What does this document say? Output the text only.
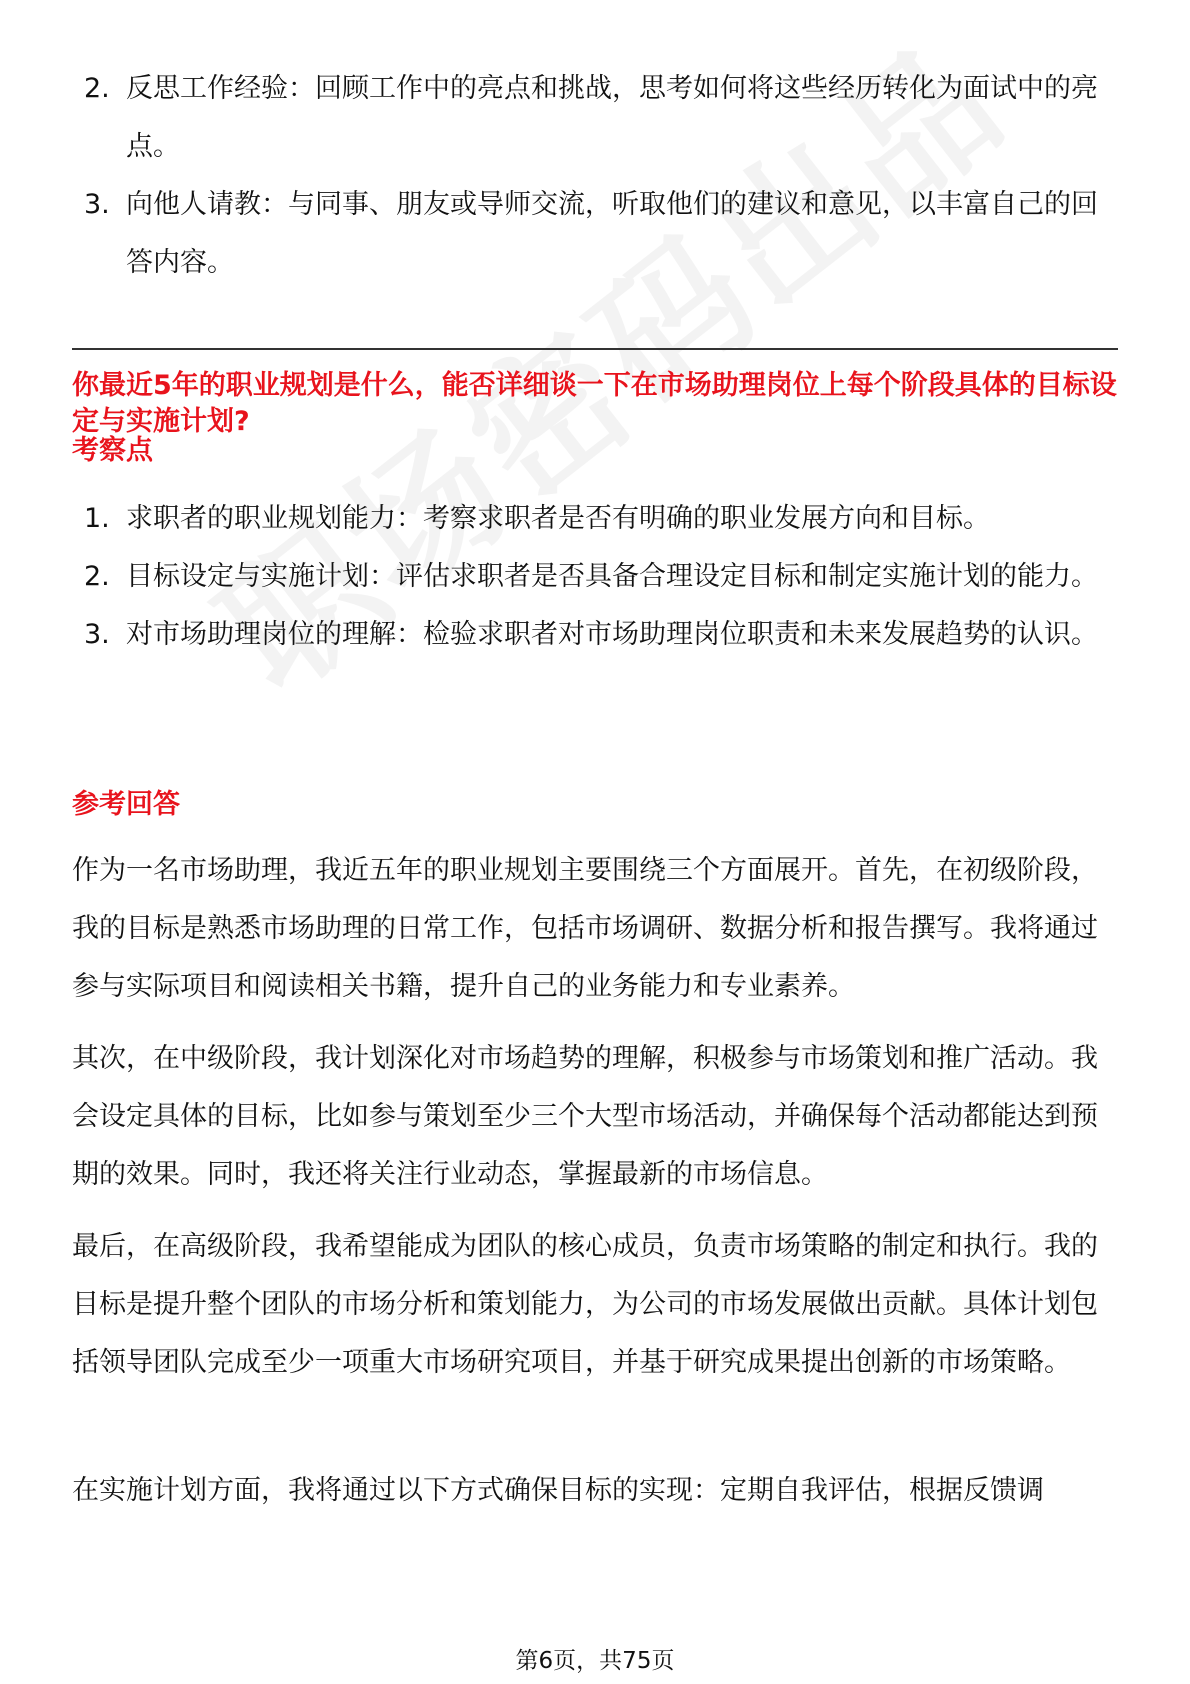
2. 反思工作经验：回顾工作中的亮点和挑战，思考如何将这些经历转化为面试中的亮点。
3. 向他人请教：与同事、朋友或导师交流，听取他们的建议和意见，以丰富自己的回答内容。
你最近5年的职业规划是什么，能否详细谈一下在市场助理岗位上每个阶段具体的目标设定与实施计划?
考察点
1. 求职者的职业规划能力：考察求职者是否有明确的职业发展方向和目标。
2. 目标设定与实施计划：评估求职者是否具备合理设定目标和制定实施计划的能力。
3. 对市场助理岗位的理解：检验求职者对市场助理岗位职责和未来发展趋势的认识。
参考回答

作为一名市场助理，我近五年的职业规划主要围绕三个方面展开。首先，在初级阶段，我的目标是熟悉市场助理的日常工作，包括市场调研、数据分析和报告撰写。我将通过参与实际项目和阅读相关书籍，提升自己的业务能力和专业素养。

其次，在中级阶段，我计划深化对市场趋势的理解，积极参与市场策划和推广活动。我会设定具体的目标，比如参与策划至少三个大型市场活动，并确保每个活动都能达到预期的效果。同时，我还将关注行业动态，掌握最新的市场信息。

最后，在高级阶段，我希望能成为团队的核心成员，负责市场策略的制定和执行。我的目标是提升整个团队的市场分析和策划能力，为公司的市场发展做出贡献。具体计划包括领导团队完成至少一项重大市场研究项目，并基于研究成果提出创新的市场策略。

在实施计划方面，我将通过以下方式确保目标的实现：定期自我评估，根据反馈调

第6页，共75页
